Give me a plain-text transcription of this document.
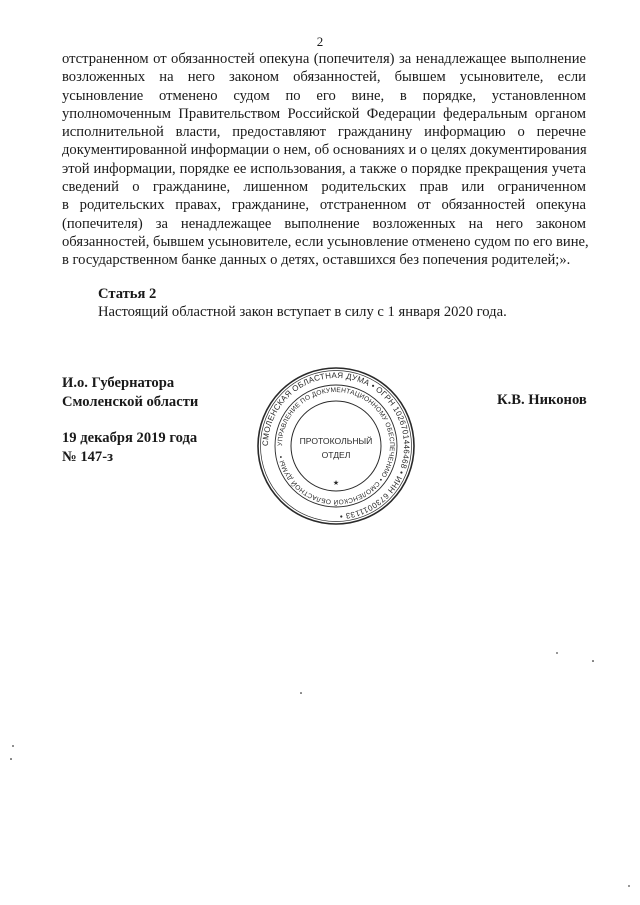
2
отстраненном от обязанностей опекуна (попечителя) за ненадлежащее выполнение
возложенных на него законом обязанностей, бывшем усыновителе, если
усыновление отменено судом по его вине, в порядке, установленном
уполномоченным Правительством Российской Федерации федеральным органом
исполнительной власти, предоставляют гражданину информацию о перечне
документированной информации о нем, об основаниях и о целях документирования
этой информации, порядке ее использования, а также о порядке прекращения учета
сведений о гражданине, лишенном родительских прав или ограниченном
в родительских правах, гражданине, отстраненном от обязанностей опекуна
(попечителя) за ненадлежащее выполнение возложенных на него законом
обязанностей, бывшем усыновителе, если усыновление отменено судом по его вине,
в государственном банке данных о детях, оставшихся без попечения родителей;».
Статья 2
Настоящий областной закон вступает в силу с 1 января 2020 года.
И.о. Губернатора
Смоленской области
19 декабря 2019 года
№ 147-з
К.В. Никонов
СМОЛЕНСКАЯ ОБЛАСТНАЯ ДУМА • ОГРН 1026701446468 • ИНН 6730011133 •
УПРАВЛЕНИЕ ПО ДОКУМЕНТАЦИОННОМУ ОБЕСПЕЧЕНИЮ • СМОЛЕНСКОЙ ОБЛАСТНОЙ ДУМЫ •
ПРОТОКОЛЬНЫЙ
ОТДЕЛ
★
